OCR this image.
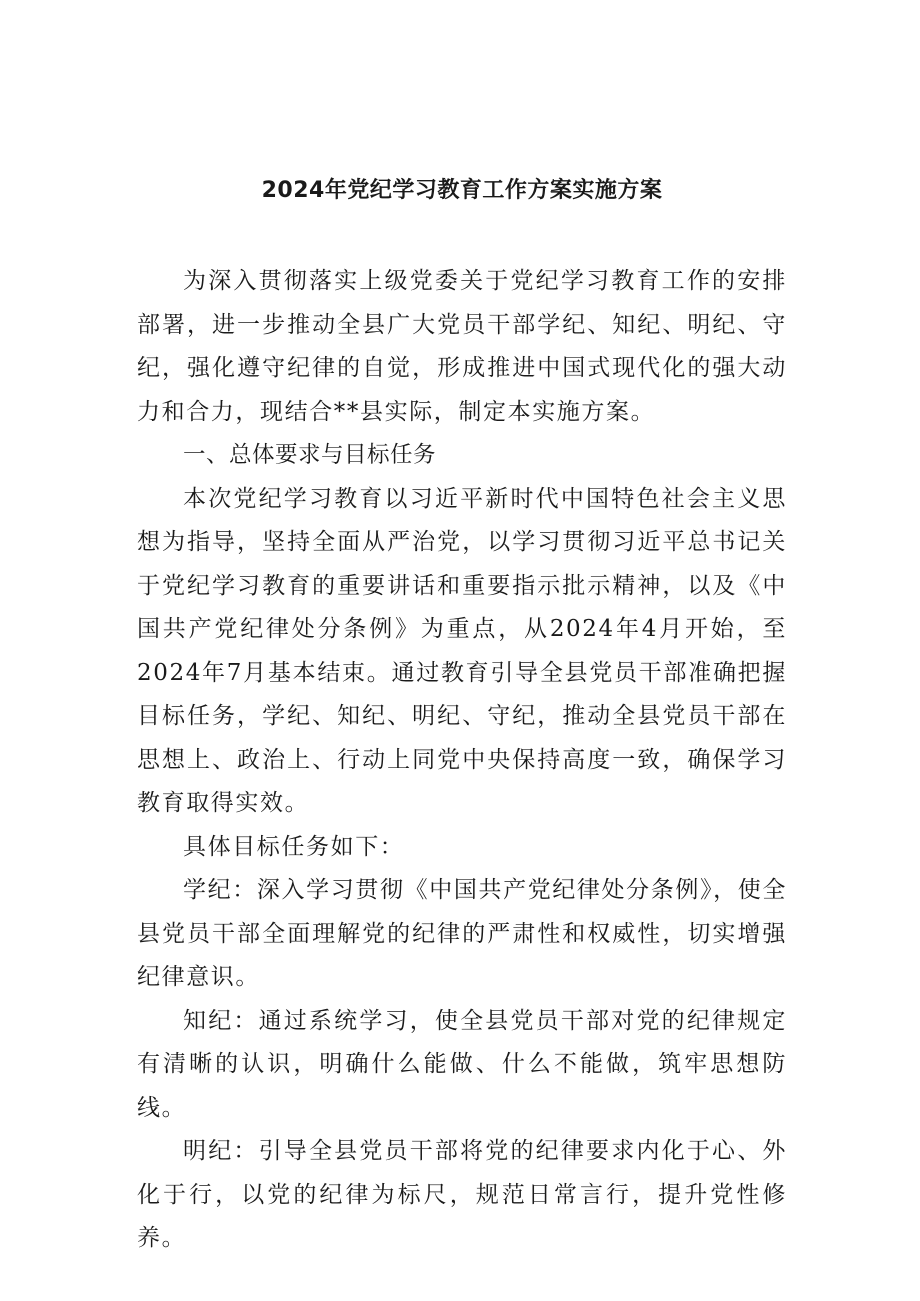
2024年党纪学习教育工作方案实施方案

为深入贯彻落实上级党委关于党纪学习教育工作的安排部署，进一步推动全县广大党员干部学纪、知纪、明纪、守纪，强化遵守纪律的自觉，形成推进中国式现代化的强大动力和合力，现结合**县实际，制定本实施方案。

一、总体要求与目标任务

本次党纪学习教育以习近平新时代中国特色社会主义思想为指导，坚持全面从严治党，以学习贯彻习近平总书记关于党纪学习教育的重要讲话和重要指示批示精神，以及《中国共产党纪律处分条例》为重点，从2024年4月开始，至2024年7月基本结束。通过教育引导全县党员干部准确把握目标任务，学纪、知纪、明纪、守纪，推动全县党员干部在思想上、政治上、行动上同党中央保持高度一致，确保学习教育取得实效。

具体目标任务如下：

学纪：深入学习贯彻《中国共产党纪律处分条例》，使全县党员干部全面理解党的纪律的严肃性和权威性，切实增强纪律意识。

知纪：通过系统学习，使全县党员干部对党的纪律规定有清晰的认识，明确什么能做、什么不能做，筑牢思想防线。

明纪：引导全县党员干部将党的纪律要求内化于心、外化于行，以党的纪律为标尺，规范日常言行，提升党性修养。
